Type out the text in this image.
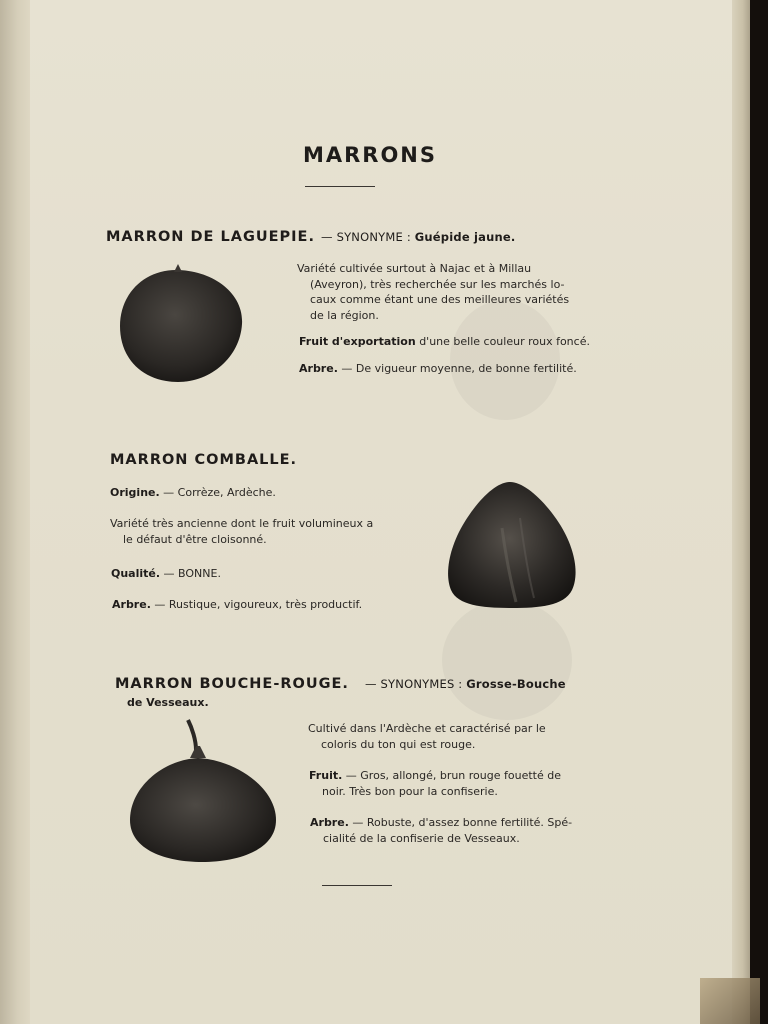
MARRONS
MARRON DE LAGUEPIE. — SYNONYME : Guépide jaune.
Variété cultivée surtout à Najac et à Millau
(Aveyron), très recherchée sur les marchés lo-
caux comme étant une des meilleures variétés
de la région.
Fruit d'exportation d'une belle couleur roux foncé.
Arbre. — De vigueur moyenne, de bonne fertilité.
MARRON COMBALLE.
Origine. — Corrèze, Ardèche.
Variété très ancienne dont le fruit volumineux a
le défaut d'être cloisonné.
Qualité. — BONNE.
Arbre. — Rustique, vigoureux, très productif.
MARRON BOUCHE-ROUGE. — SYNONYMES : Grosse-Bouche
de Vesseaux.
Cultivé dans l'Ardèche et caractérisé par le
coloris du ton qui est rouge.
Fruit. — Gros, allongé, brun rouge fouetté de
noir. Très bon pour la confiserie.
Arbre. — Robuste, d'assez bonne fertilité. Spé-
cialité de la confiserie de Vesseaux.
